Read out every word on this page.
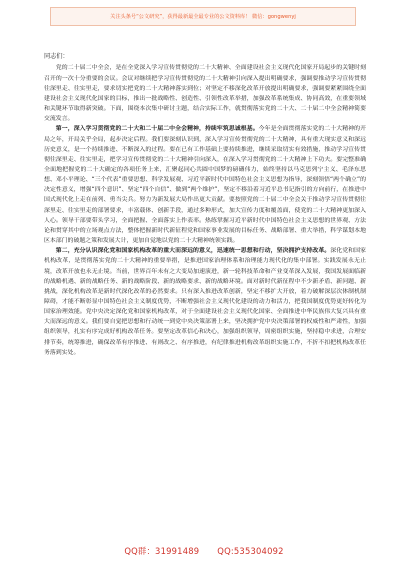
关注头条号“公文研究”，获得最新最全最专业的公文资料库！ 微信：gongwenyj
同志们：

党的二十届二中全会，是在全党深入学习宣传贯彻党的二十大精神、全面建设社会主义现代化国家开局起步的关键时刻召开的一次十分重要的会议。会议对继续把学习宣传贯彻党的二十大精神引向深入提出明确要求，强调要推动学习宣传贯彻往深里走、往实里走，要求切实把党的二十大精神落实到位；对坚定不移深化改革开放提出明确要求，强调要紧紧围绕全面建设社会主义现代化国家的目标，推出一批战略性、创造性、引领性改革举措，加强改革系统集成、协同高效，在重要领域和关键环节取得新突破。下面，围绕本次集中研讨主题，结合实际工作，就贯彻落实党的二十大、二十届二中全会精神简要交流发言。

第一，深入学习贯彻党的二十大和二十届二中全会精神，持续牢筑思诚根基。今年是全面贯彻落实党的二十大精神的开局之年，开局关乎全局，起步决定后程。我们要深刻认识到，深入学习宣传贯彻党的二十大精神，具有重大现实意义和深远历史意义，是一个持续推进、不断深入的过程。要在已有工作基础上要持续推进，继续采取切实有效措施，推动学习宣传贯彻往深里走、往实里走，把学习宣传贯彻党的二十大精神引向深入，在深入学习贯彻党的二十大精神上下功夫。要完整准确全面地把握党的二十大确定的各项任务上来，汇聚起同心共圆中国梦的磅礴伟力，始终坚持以马克思列宁主义、毛泽东思想、邓小平理论、“三个代表”重要思想、科学发展观、习近平新时代中国特色社会主义思想为指导，深刻领悟“两个确立”的决定性意义，增强“四个意识”、坚定“四个自信”、做到“两个维护”，坚定不移沿着习近平总书记指引的方向前行，在推进中国式现代化上走在前列、勇当尖兵。努力为新发展大局作出更大贡献。要按照党的二十届二中全会关于推动学习宣传贯彻往深里走、往实里走的部署要求，丰富载体、创新手段，通过多种形式，加大宣传力度和覆盖面，使党的二十大精神更加深入人心。领导干部要带头学习，全面把握、全面落实上作表率。热练掌握习近平新时代中国特色社会主义思想的世界观、方法论和贯穿其中的立场观点方法，整体把握新时代新征程党和国家事业发展的目标任务、战略部署、重大举措，科学谋划本地区本部门的破题之策和发展大计，更加自觉地以党的二十大精神统领实践。

第二，充分认识深化党和国家机构改革的重大而深远的意义，迅速统一思想和行动，坚决拥护支持改革。深化党和国家机构改革，是贯彻落实党的二十大精神的重要举措，是推进国家治理体系和治理能力现代化的集中部署。实践发展永无止境，改革开放也永无止境。当前，世界百年未有之大变局加速演进，新一轮科技革命和产业变革深入发展，我国发展面临新的战略机遇、新的战略任务、新的战略阶段、新的战略要求、新的战略环境。面对新时代新征程中不少新矛盾、新问题、新挑战，深化机构改革是新时代深化改革的必然要求。只有深入推进改革创新，坚定不移扩大开放，着力破解深层次体制机制障碍，才能不断彰显中国特色社会主义制度优势，不断增强社会主义现代化建设的动力和活力，把我国制度优势更好转化为国家治理效能。党中央决定深化党和国家机构改革，对于全面建设社会主义现代化国家、全面推进中华民族伟大复兴具有重大而深远的意义。我们要自觉把思想和行动统一到党中央决策部署上来，坚决拥护党中央决策部署的权威性和严肃性，加强组织领导，扎实有序完成好机构改革任务。要坚定改革信心和决心，加强组织领导，周密组织实施，坚持稳中求进，合理安排节奏，统筹推进，确保改革有序推进、有则改之、有序推进，有纪律推进机构改革组织实施工作，不折不扣把机构改革任务落到实处。

QQ群：31991489 QQ:535304092
